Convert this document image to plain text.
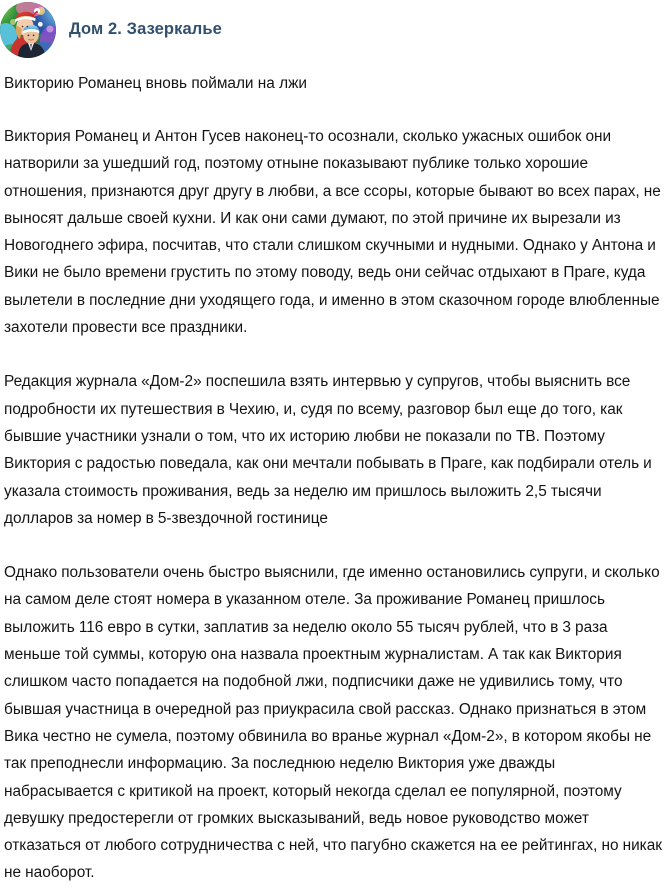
Дом 2. Зазеркалье
Викторию Романец вновь поймали на лжи

Виктория Романец и Антон Гусев наконец-то осознали, сколько ужасных ошибок они натворили за ушедший год, поэтому отныне показывают публике только хорошие отношения, признаются друг другу в любви, а все ссоры, которые бывают во всех парах, не выносят дальше своей кухни. И как они сами думают, по этой причине их вырезали из Новогоднего эфира, посчитав, что стали слишком скучными и нудными. Однако у Антона и Вики не было времени грустить по этому поводу, ведь они сейчас отдыхают в Праге, куда вылетели в последние дни уходящего года, и именно в этом сказочном городе влюбленные захотели провести все праздники.

Редакция журнала «Дом-2» поспешила взять интервью у супругов, чтобы выяснить все подробности их путешествия в Чехию, и, судя по всему, разговор был еще до того, как бывшие участники узнали о том, что их историю любви не показали по ТВ. Поэтому Виктория с радостью поведала, как они мечтали побывать в Праге, как подбирали отель и указала стоимость проживания, ведь за неделю им пришлось выложить 2,5 тысячи долларов за номер в 5-звездочной гостинице

Однако пользователи очень быстро выяснили, где именно остановились супруги, и сколько на самом деле стоят номера в указанном отеле. За проживание Романец пришлось выложить 116 евро в сутки, заплатив за неделю около 55 тысяч рублей, что в 3 раза меньше той суммы, которую она назвала проектным журналистам. А так как Виктория слишком часто попадается на подобной лжи, подписчики даже не удивились тому, что бывшая участница в очередной раз приукрасила свой рассказ. Однако признаться в этом Вика честно не сумела, поэтому обвинила во вранье журнал «Дом-2», в котором якобы не так преподнесли информацию. За последнюю неделю Виктория уже дважды набрасывается с критикой на проект, который некогда сделал ее популярной, поэтому девушку предостерегли от громких высказываний, ведь новое руководство может отказаться от любого сотрудничества с ней, что пагубно скажется на ее рейтингах, но никак не наоборот.
